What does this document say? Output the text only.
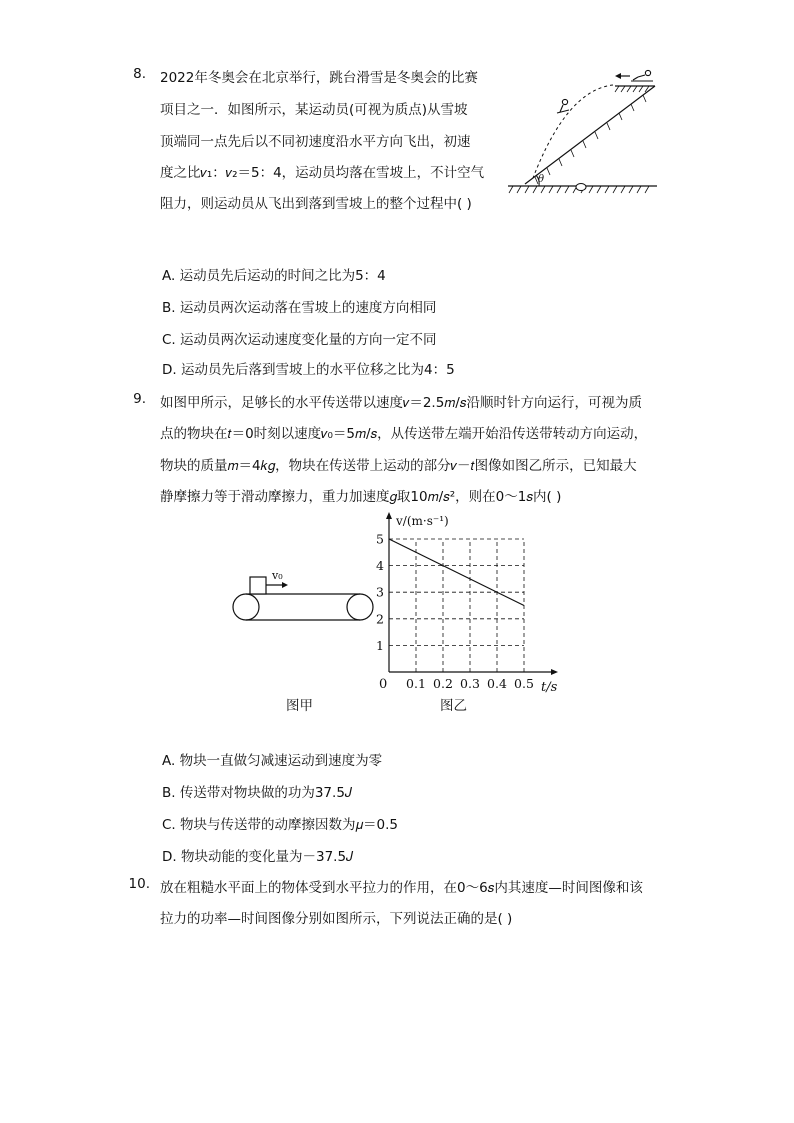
8. 2022年冬奥会在北京举行，跳台滑雪是冬奥会的比赛
项目之一．如图所示，某运动员(可视为质点)从雪坡
顶端同一点先后以不同初速度沿水平方向飞出，初速
度之比𝑣₁：𝑣₂＝5：4，运动员均落在雪坡上，不计空气
阻力，则运动员从飞出到落到雪坡上的整个过程中( )
θ
A. 运动员先后运动的时间之比为5：4
B. 运动员两次运动落在雪坡上的速度方向相同
C. 运动员两次运动速度变化量的方向一定不同
D. 运动员先后落到雪坡上的水平位移之比为4：5
9. 如图甲所示，足够长的水平传送带以速度𝑣＝2.5𝑚/𝑠沿顺时针方向运行，可视为质
点的物块在𝑡＝0时刻以速度𝑣₀＝5𝑚/𝑠，从传送带左端开始沿传送带转动方向运动，
物块的质量𝑚＝4𝑘𝑔，物块在传送带上运动的部分𝑣－𝑡图像如图乙所示，已知最大
静摩擦力等于滑动摩擦力，重力加速度𝑔取10𝑚/𝑠²，则在0～1𝑠内( )
v₀
图甲
0.1 0.2 0.3 0.4 0.5
1
2
3
4
5
v/(m·s⁻¹)
t/s
0
图乙
A. 物块一直做匀减速运动到速度为零
B. 传送带对物块做的功为37.5𝐽
C. 物块与传送带的动摩擦因数为𝜇＝0.5
D. 物块动能的变化量为－37.5𝐽
10. 放在粗糙水平面上的物体受到水平拉力的作用，在0～6𝑠内其速度—时间图像和该
拉力的功率—时间图像分别如图所示，下列说法正确的是( )
